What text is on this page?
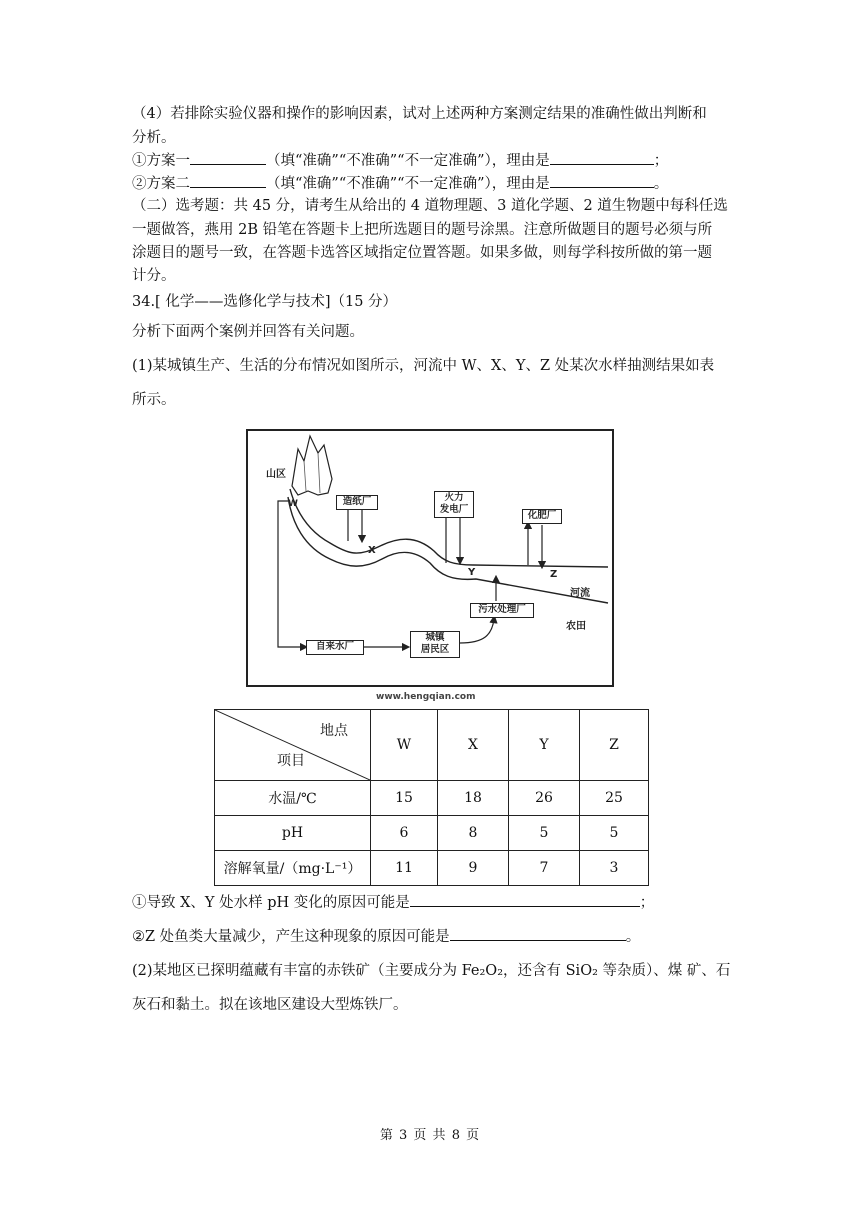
（4）若排除实验仪器和操作的影响因素，试对上述两种方案测定结果的准确性做出判断和
分析。
①方案一	（填“准确”“不准确”“不一定准确”），理由是	；
②方案二	（填“准确”“不准确”“不一定准确”），理由是	。
（二）选考题：共 45 分，请考生从给出的 4 道物理题、3 道化学题、2 道生物题中每科任选
一题做答，燕用 2B 铅笔在答题卡上把所选题目的题号涂黑。注意所做题目的题号必须与所
涂题目的题号一致，在答题卡选答区域指定位置答题。如果多做，则每学科按所做的第一题
计分。
34.[ 化学——选修化学与技术]（15 分）
分析下面两个案例并回答有关问题。
(1)某城镇生产、生活的分布情况如图所示，河流中 W、X、Y、Z 处某次水样抽测结果如表
所示。
山区
W
X
Y	Z
河流
农田
造纸厂	火力
发电厂
化肥厂
污水处理厂
自来水厂
城镇
居民区
www.hengqian.com
地点
项目	W	X	Y	Z
水温/℃	15	18	26	25
pH	6	8	5	5
溶解氧量/（mg·L⁻¹）	11	9	7	3
①导致 X、Y 处水样 pH 变化的原因可能是	；
②Z 处鱼类大量减少，产生这种现象的原因可能是	。
(2)某地区已探明蕴藏有丰富的赤铁矿（主要成分为 Fe₂O₂，还含有 SiO₂ 等杂质）、煤 矿、石
灰石和黏土。拟在该地区建设大型炼铁厂。
第 3 页 共 8 页
